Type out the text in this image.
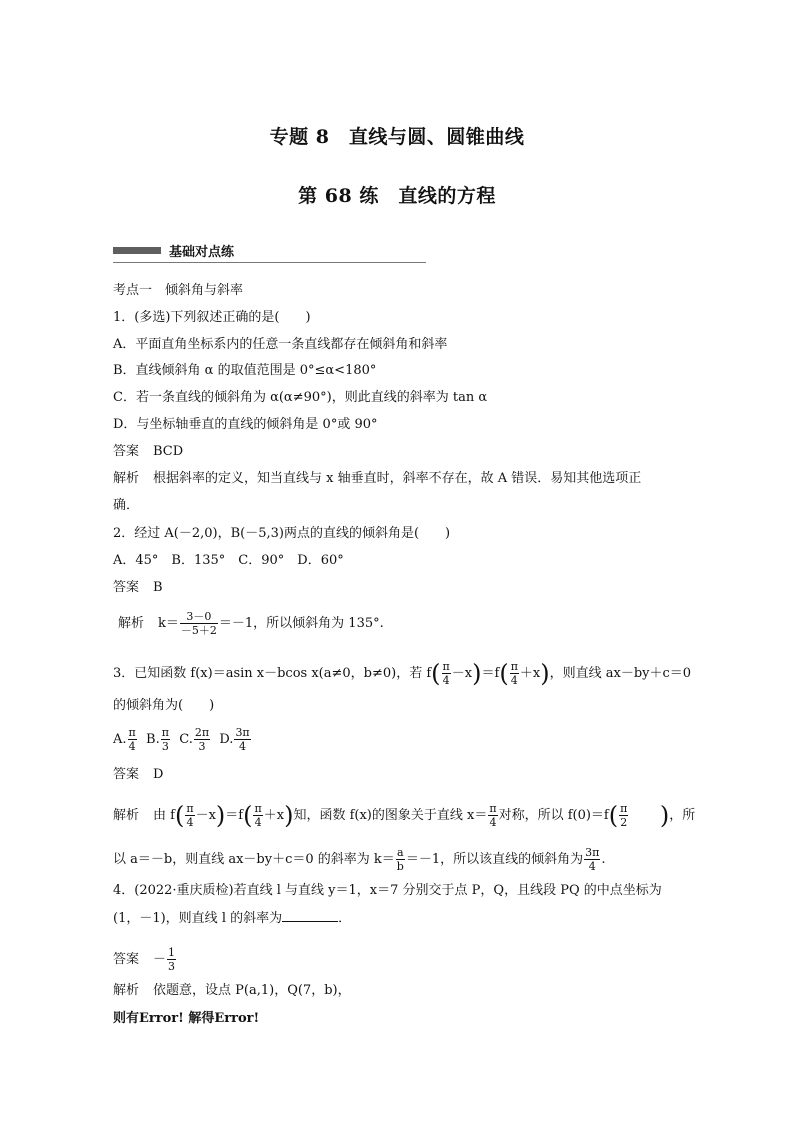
专题 8　直线与圆、圆锥曲线
第 68 练　直线的方程
基础对点练
考点一　倾斜角与斜率
1．(多选)下列叙述正确的是(　　)
A．平面直角坐标系内的任意一条直线都存在倾斜角和斜率
B．直线倾斜角 α 的取值范围是 0°≤α<180°
C．若一条直线的倾斜角为 α(α≠90°)，则此直线的斜率为 tan α
D．与坐标轴垂直的直线的倾斜角是 0°或 90°
答案 BCD
解析 根据斜率的定义，知当直线与 x 轴垂直时，斜率不存在，故 A 错误．易知其他选项正
确．
2．经过 A(－2,0)，B(－5,3)两点的直线的倾斜角是(　　)
A．45°　B．135°　C．90°　D．60°
答案 B
解析 $k= \frac{3-0}{-5+2} =-1$，所以倾斜角为 135°.
3．已知函数 f(x)＝asin x－bcos x(a≠0，b≠0)，若 $f( \frac{\pi}{4} -x)=f( \frac{\pi}{4} +x)$，则直线 ax－by＋c＝0
的倾斜角为(　　)
A. $\frac{\pi}{4} B$. $\frac{\pi}{3} C$. $\frac{2\pi}{3} D$. $\frac{3\pi}{4}$
答案 D
解析 由 $f( \frac{\pi}{4} -x)=f( \frac{\pi}{4} +x)$知，函数 f(x)的图象关于直线 $x= \frac{\pi}{4}$ 对称，所以 $f(0)=f( \frac{\pi}{2}$ )，所
以 a＝－b，则直线 ax－by＋c＝0 的斜率为 $k= \frac{a}{b} =-1$，所以该直线的倾斜角为 $\frac{3\pi}{4}$ .
4．(2022·重庆质检)若直线 l 与直线 y＝1，x＝7 分别交于点 P，Q，且线段 PQ 的中点坐标为
(1，－1)，则直线 l 的斜率为	．
答案 － $\frac{1}{3}$
解析 依题意，设点 P(a,1)，Q(7，b)，
则有Error! 解得Error!
